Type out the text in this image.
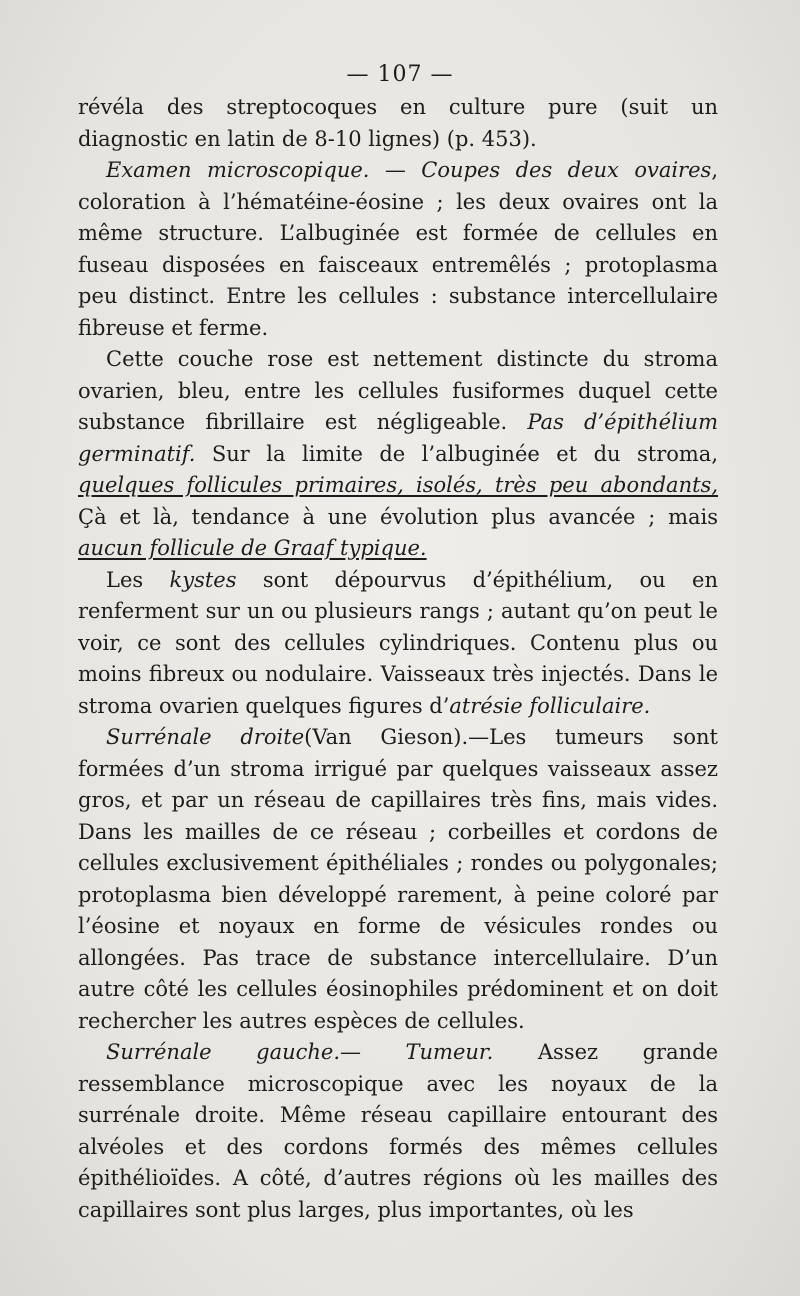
— 107 —

révéla des streptocoques en culture pure (suit un diagnostic en latin de 8-10 lignes) (p. 453).

Examen microscopique. — Coupes des deux ovaires, coloration à l’hématéine-éosine ; les deux ovaires ont la même structure. L’albuginée est formée de cellules en fuseau disposées en faisceaux entremêlés ; protoplasma peu distinct. Entre les cellules : substance intercellulaire fibreuse et ferme.

Cette couche rose est nettement distincte du stroma ovarien, bleu, entre les cellules fusiformes duquel cette substance fibrillaire est négligeable. Pas d’épithélium germinatif. Sur la limite de l’albuginée et du stroma, quelques follicules primaires, isolés, très peu abondants, Çà et là, tendance à une évolution plus avancée ; mais aucun follicule de Graaf typique.

Les kystes sont dépourvus d’épithélium, ou en renferment sur un ou plusieurs rangs ; autant qu’on peut le voir, ce sont des cellules cylindriques. Contenu plus ou moins fibreux ou nodulaire. Vaisseaux très injectés. Dans le stroma ovarien quelques figures d’atrésie folliculaire.

Surrénale droite(Van Gieson).—Les tumeurs sont formées d’un stroma irrigué par quelques vaisseaux assez gros, et par un réseau de capillaires très fins, mais vides. Dans les mailles de ce réseau ; corbeilles et cordons de cellules exclusivement épithéliales ; rondes ou polygonales; protoplasma bien développé rarement, à peine coloré par l’éosine et noyaux en forme de vésicules rondes ou allongées. Pas trace de substance intercellulaire. D’un autre côté les cellules éosinophiles prédominent et on doit rechercher les autres espèces de cellules.

Surrénale gauche.— Tumeur. Assez grande ressemblance microscopique avec les noyaux de la surrénale droite. Même réseau capillaire entourant des alvéoles et des cordons formés des mêmes cellules épithélioïdes. A côté, d’autres régions où les mailles des capillaires sont plus larges, plus importantes, où les
